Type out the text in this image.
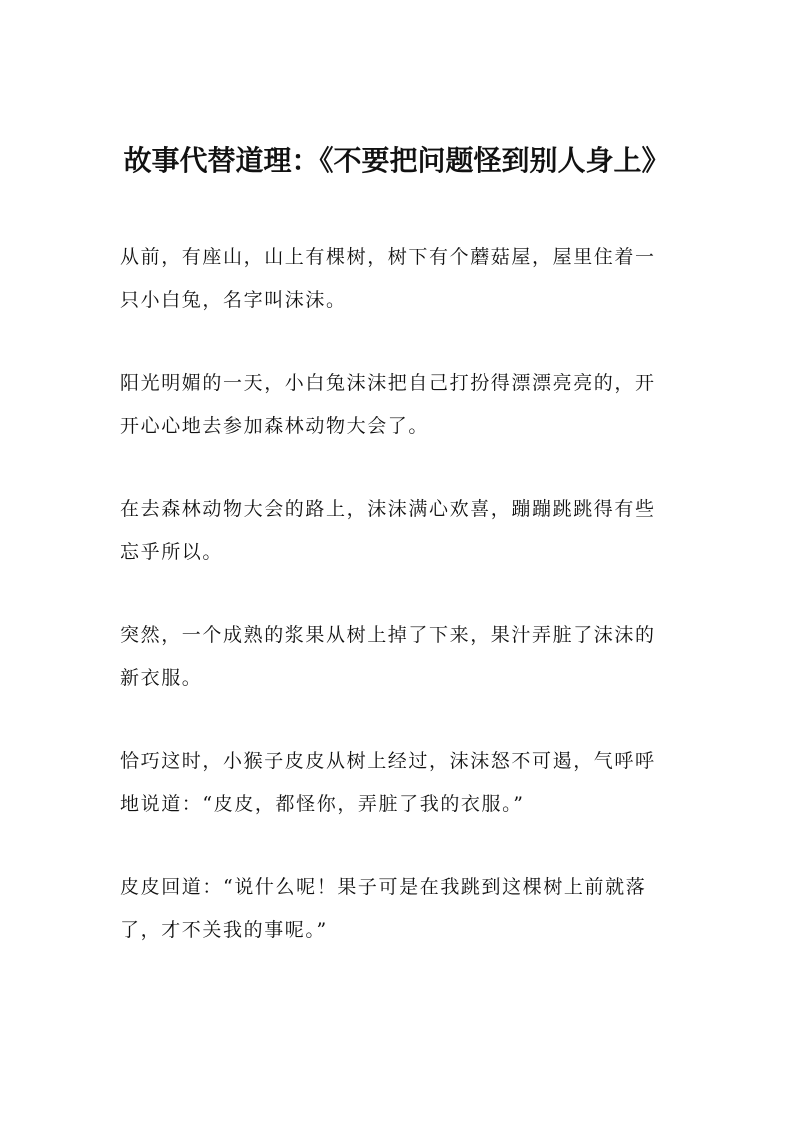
故事代替道理：《不要把问题怪到别人身上》

从前，有座山，山上有棵树，树下有个蘑菇屋，屋里住着一只小白兔，名字叫沫沫。

阳光明媚的一天，小白兔沫沫把自己打扮得漂漂亮亮的，开开心心地去参加森林动物大会了。

在去森林动物大会的路上，沫沫满心欢喜，蹦蹦跳跳得有些忘乎所以。

突然，一个成熟的浆果从树上掉了下来，果汁弄脏了沫沫的新衣服。

恰巧这时，小猴子皮皮从树上经过，沫沫怒不可遏，气呼呼地说道：“皮皮，都怪你，弄脏了我的衣服。”

皮皮回道：“说什么呢！果子可是在我跳到这棵树上前就落了，才不关我的事呢。”
